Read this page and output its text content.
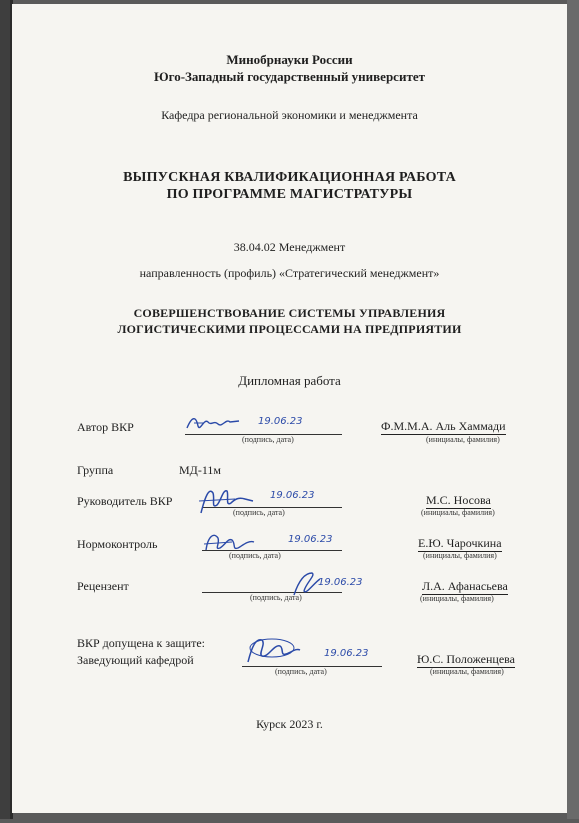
Минобрнауки России
Юго-Западный государственный университет
Кафедра региональной экономики и менеджмента
ВЫПУСКНАЯ КВАЛИФИКАЦИОННАЯ РАБОТА
ПО ПРОГРАММЕ МАГИСТРАТУРЫ
38.04.02 Менеджмент
направленность (профиль) «Стратегический менеджмент»
СОВЕРШЕНСТВОВАНИЕ СИСТЕМЫ УПРАВЛЕНИЯ
ЛОГИСТИЧЕСКИМИ ПРОЦЕССАМИ НА ПРЕДПРИЯТИИ
Дипломная работа
Автор ВКР	19.06.23
(подпись, дата)
Ф.М.М.А. Аль Хаммади
(инициалы, фамилия)
Группа	МД-11м
Руководитель ВКР	19.06.23
(подпись, дата)
М.С. Носова
(инициалы, фамилия)
Нормоконтроль	19.06.23
(подпись, дата)
Е.Ю. Чарочкина
(инициалы, фамилия)
Рецензент	19.06.23
(подпись, дата)
Л.А. Афанасьева
(инициалы, фамилия)
ВКР допущена к защите:
Заведующий кафедрой	19.06.23
(подпись, дата)
Ю.С. Положенцева
(инициалы, фамилия)
Курск 2023 г.
